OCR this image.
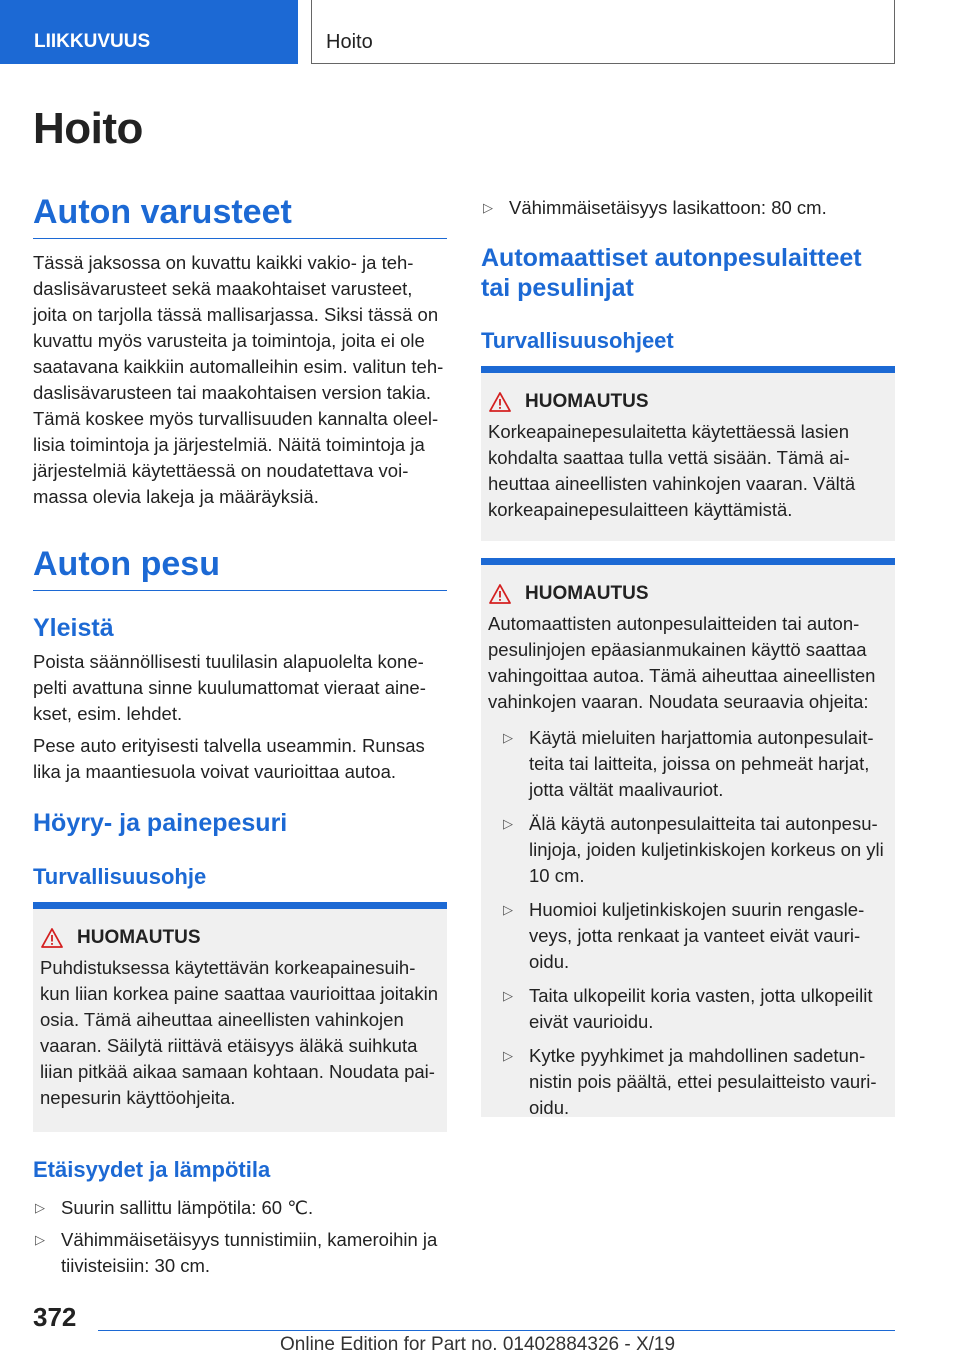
LIIKKUVUUS	Hoito
Hoito
Auton varusteet

Tässä jaksossa on kuvattu kaikki vakio- ja tehdaslisävarusteet sekä maakohtaiset varusteet, joita on tarjolla tässä mallisarjassa. Siksi tässä on kuvattu myös varusteita ja toimintoja, joita ei ole saatavana kaikkiin automalleihin esim. valitun tehdaslisävarusteen tai maakohtaisen version takia. Tämä koskee myös turvallisuuden kannalta oleellisia toimintoja ja järjestelmiä. Näitä toimintoja ja järjestelmiä käytettäessä on noudatettava voimassa olevia lakeja ja määräyksiä.

Auton pesu
Yleistä

Poista säännöllisesti tuulilasin alapuolelta konepelti avattuna sinne kuulumattomat vieraat ainekset, esim. lehdet.

Pese auto erityisesti talvella useammin. Runsas lika ja maantiesuola voivat vaurioittaa autoa.

Höyry- ja painepesuri
Turvallisuusohje
HUOMAUTUS
Puhdistuksessa käytettävän korkeapainesuihkun liian korkea paine saattaa vaurioittaa joitakin osia. Tämä aiheuttaa aineellisten vahinkojen vaaran. Säilytä riittävä etäisyys äläkä suihkuta liian pitkää aikaa samaan kohtaan. Noudata painepesurin käyttöohjeita.
Etäisyydet ja lämpötila
▷ Suurin sallittu lämpötila: 60 ℃.
▷ Vähimmäisetäisyys tunnistimiin, kameroihin ja tiivisteisiin: 30 cm.
▷ Vähimmäisetäisyys lasikattoon: 80 cm.
Automaattiset autonpesulaitteet tai pesulinjat
Turvallisuusohjeet
HUOMAUTUS
Korkeapainepesulaitetta käytettäessä lasien kohdalta saattaa tulla vettä sisään. Tämä aiheuttaa aineellisten vahinkojen vaaran. Vältä korkeapainepesulaitteen käyttämistä.
HUOMAUTUS
Automaattisten autonpesulaitteiden tai autonpesulinjojen epäasianmukainen käyttö saattaa vahingoittaa autoa. Tämä aiheuttaa aineellisten vahinkojen vaaran. Noudata seuraavia ohjeita:
▷ Käytä mieluiten harjattomia autonpesulaitteita tai laitteita, joissa on pehmeät harjat, jotta vältät maalivauriot.
▷ Älä käytä autonpesulaitteita tai autonpesulinjoja, joiden kuljetinkiskojen korkeus on yli 10 cm.
▷ Huomioi kuljetinkiskojen suurin rengasleveys, jotta renkaat ja vanteet eivät vaurioidu.
▷ Taita ulkopeilit koria vasten, jotta ulkopeilit eivät vaurioidu.
▷ Kytke pyyhkimet ja mahdollinen sadetunnistin pois päältä, ettei pesulaitteisto vaurioidu.
372
Online Edition for Part no. 01402884326 - X/19
